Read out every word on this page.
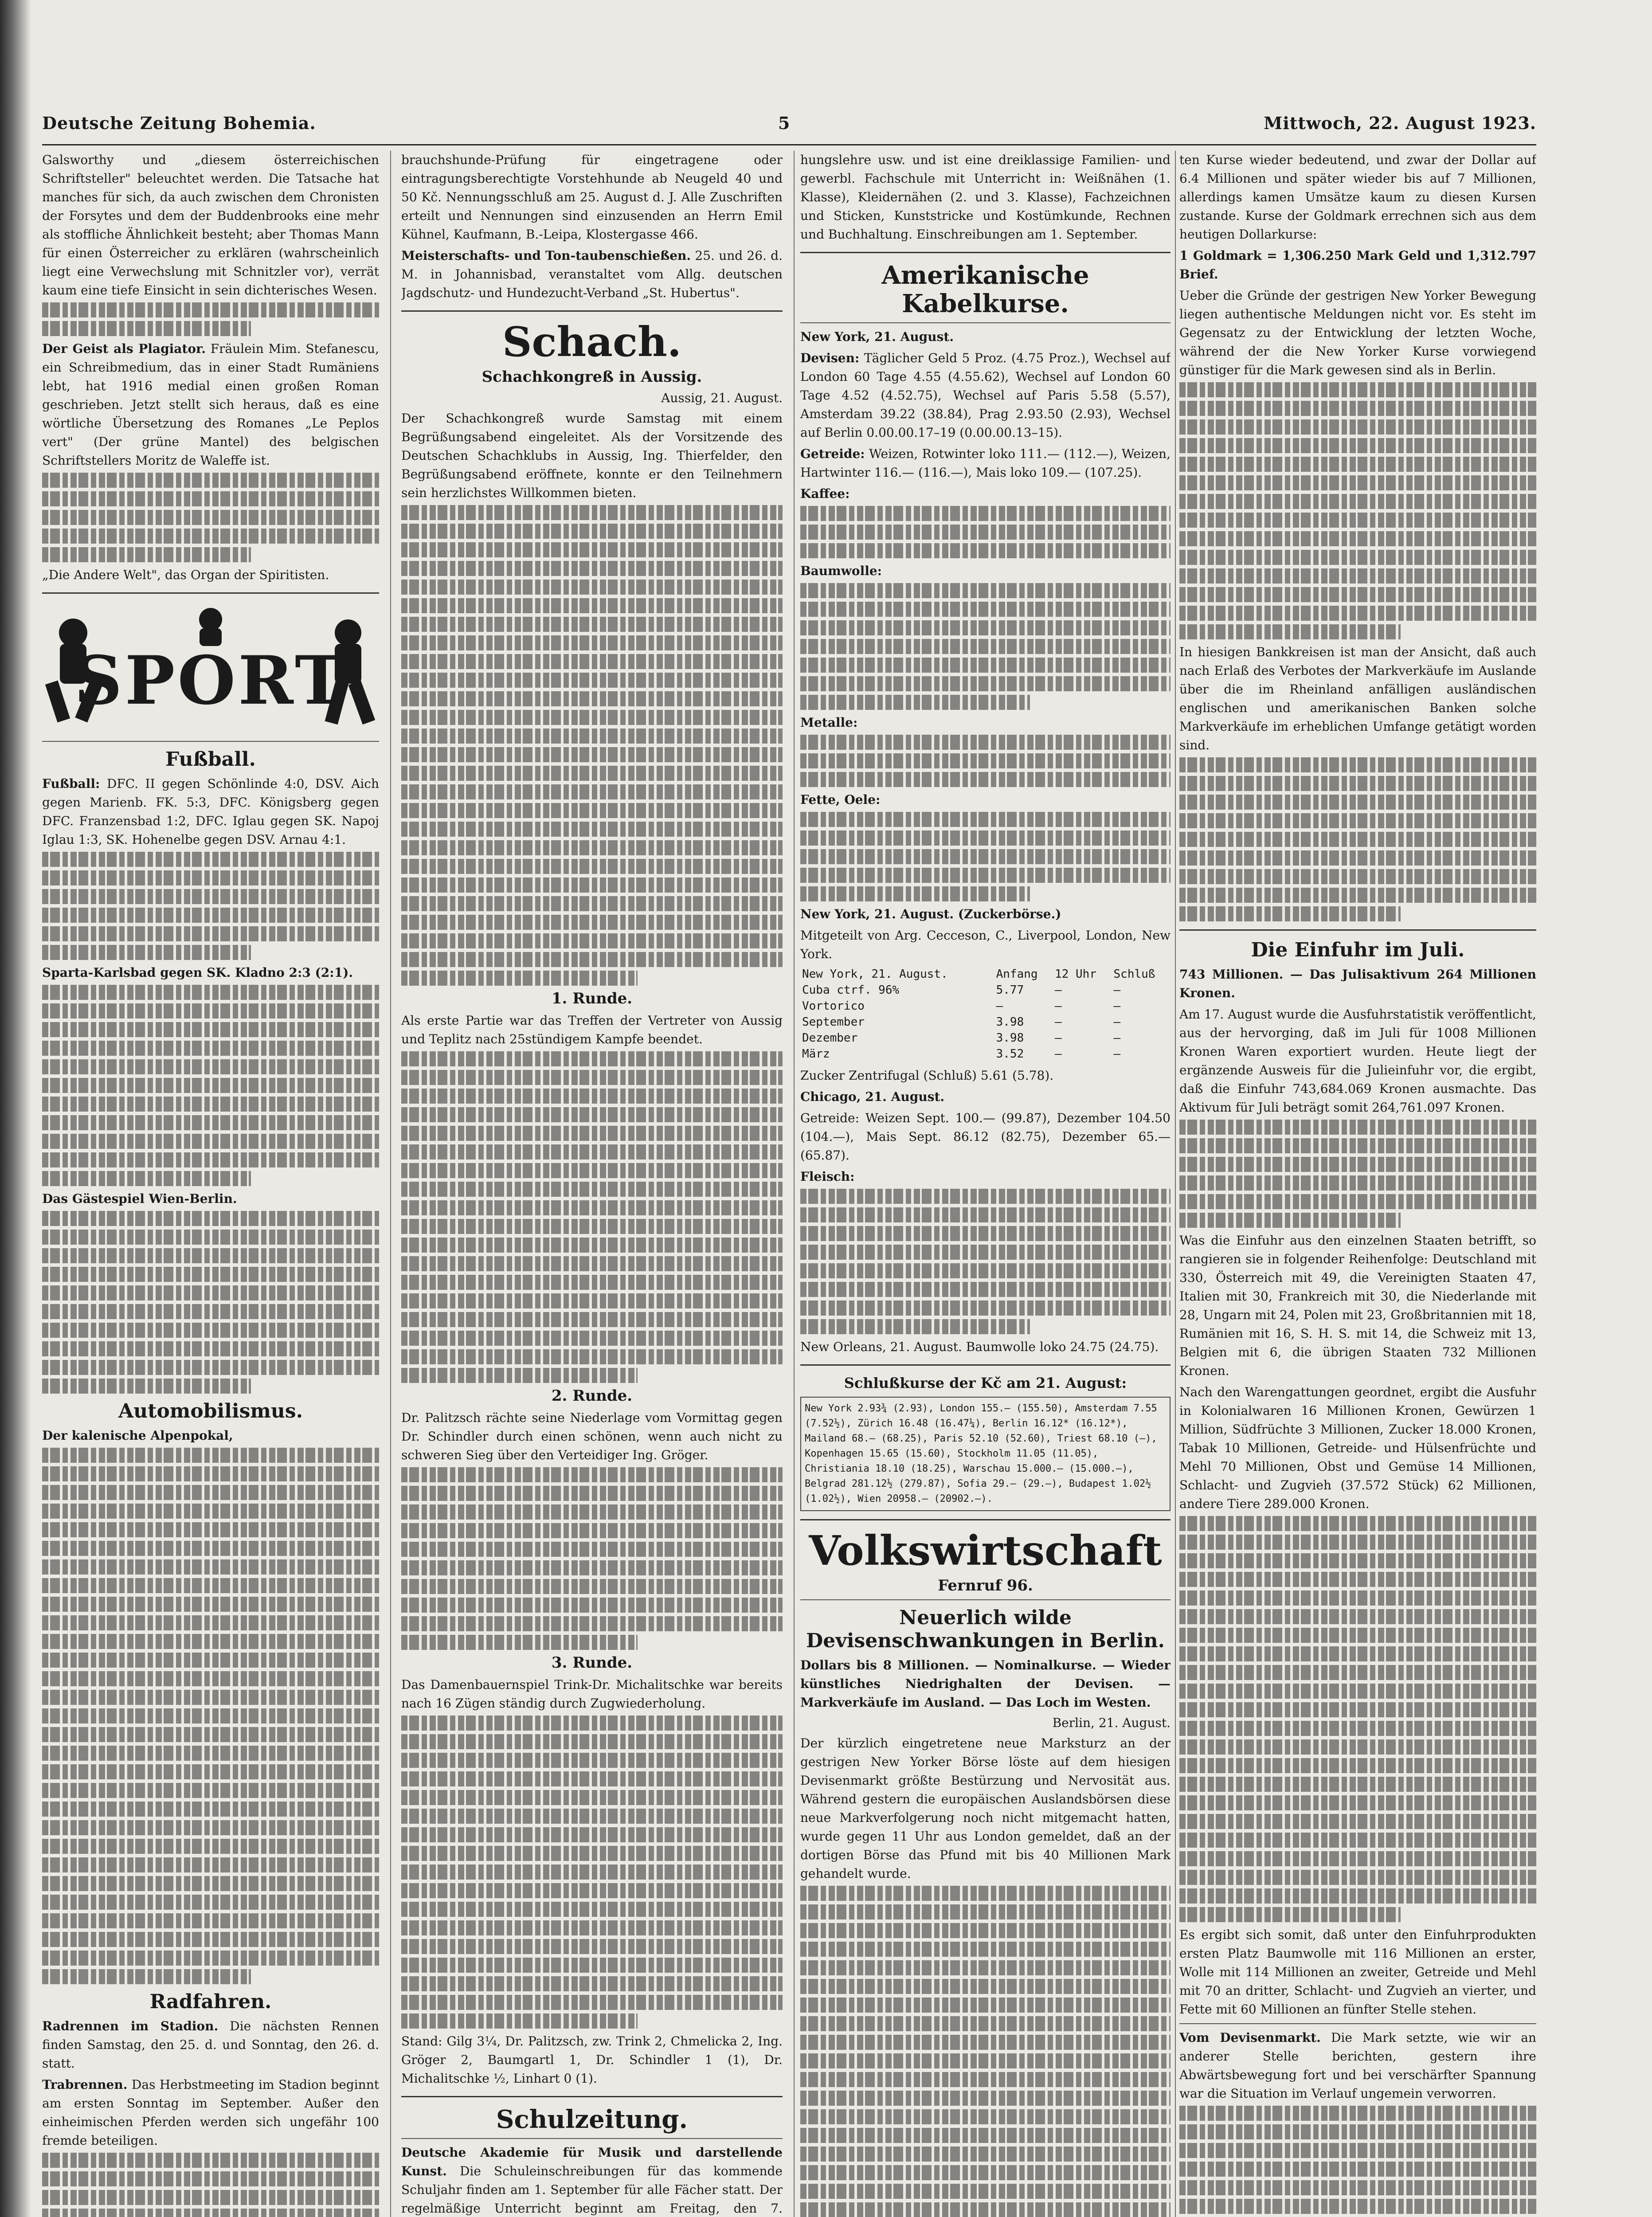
Deutsche Zeitung Bohemia.	5	Mittwoch, 22. August 1923.

Galsworthy und „diesem österreichischen Schriftsteller" beleuchtet werden. Die Tatsache hat manches für sich, da auch zwischen dem Chronisten der Forsytes und dem der Buddenbrooks eine mehr als stoffliche Ähnlichkeit besteht; aber Thomas Mann für einen Österreicher zu erklären (wahrscheinlich liegt eine Verwechslung mit Schnitzler vor), verrät kaum eine tiefe Einsicht in sein dichterisches Wesen.

Der Geist als Plagiator. Fräulein Mim. Stefanescu, ein Schreibmedium, das in einer Stadt Rumäniens lebt, hat 1916 medial einen großen Roman geschrieben. Jetzt stellt sich heraus, daß es eine wörtliche Übersetzung des Romanes „Le Peplos vert" (Der grüne Mantel) des belgischen Schriftstellers Moritz de Waleffe ist.

„Die Andere Welt", das Organ der Spiritisten.

SPORT
Fußball.

Fußball: DFC. II gegen Schönlinde 4:0, DSV. Aich gegen Marienb. FK. 5:3, DFC. Königsberg gegen DFC. Franzensbad 1:2, DFC. Iglau gegen SK. Napoj Iglau 1:3, SK. Hohenelbe gegen DSV. Arnau 4:1.

Sparta-Karlsbad gegen SK. Kladno 2:3 (2:1).

Das Gästespiel Wien-Berlin.

Automobilismus.

Der kalenische Alpenpokal,

Radfahren.

Radrennen im Stadion. Die nächsten Rennen finden Samstag, den 25. d. und Sonntag, den 26. d. statt.

Trabrennen. Das Herbstmeeting im Stadion beginnt am ersten Sonntag im September. Außer den einheimischen Pferden werden sich ungefähr 100 fremde beteiligen.

brauchshunde-Prüfung für eingetragene oder eintragungsberechtigte Vorstehhunde ab Neugeld 40 und 50 Kč. Nennungsschluß am 25. August d. J. Alle Zuschriften erteilt und Nennungen sind einzusenden an Herrn Emil Kühnel, Kaufmann, B.-Leipa, Klostergasse 466.

Meisterschafts- und Ton-taubenschießen. 25. und 26. d. M. in Johannisbad, veranstaltet vom Allg. deutschen Jagdschutz- und Hundezucht-Verband „St. Hubertus".

Schach.
Schachkongreß in Aussig.
Aussig, 21. August.

Der Schachkongreß wurde Samstag mit einem Begrüßungsabend eingeleitet. Als der Vorsitzende des Deutschen Schachklubs in Aussig, Ing. Thierfelder, den Begrüßungsabend eröffnete, konnte er den Teilnehmern sein herzlichstes Willkommen bieten.

1. Runde.

Als erste Partie war das Treffen der Vertreter von Aussig und Teplitz nach 25stündigem Kampfe beendet.

2. Runde.

Dr. Palitzsch rächte seine Niederlage vom Vormittag gegen Dr. Schindler durch einen schönen, wenn auch nicht zu schweren Sieg über den Verteidiger Ing. Gröger.

3. Runde.

Das Damenbauernspiel Trink-Dr. Michalitschke war bereits nach 16 Zügen ständig durch Zugwiederholung.

Stand: Gilg 3¼, Dr. Palitzsch, zw. Trink 2, Chmelicka 2, Ing. Gröger 2, Baumgartl 1, Dr. Schindler 1 (1), Dr. Michalitschke ½, Linhart 0 (1).

Schulzeitung.

Deutsche Akademie für Musik und darstellende Kunst. Die Schuleinschreibungen für das kommende Schuljahr finden am 1. September für alle Fächer statt. Der regelmäßige Unterricht beginnt am Freitag, den 7.

hungslehre usw. und ist eine dreiklassige Familien- und gewerbl. Fachschule mit Unterricht in: Weißnähen (1. Klasse), Kleidernähen (2. und 3. Klasse), Fachzeichnen und Sticken, Kunststricke und Kostümkunde, Rechnen und Buchhaltung. Einschreibungen am 1. September.

Amerikanische Kabelkurse.

New York, 21. August.

Devisen: Täglicher Geld 5 Proz. (4.75 Proz.), Wechsel auf London 60 Tage 4.55 (4.55.62), Wechsel auf London 60 Tage 4.52 (4.52.75), Wechsel auf Paris 5.58 (5.57), Amsterdam 39.22 (38.84), Prag 2.93.50 (2.93), Wechsel auf Berlin 0.00.00.17–19 (0.00.00.13–15).

Getreide: Weizen, Rotwinter loko 111.— (112.—), Weizen, Hartwinter 116.— (116.—), Mais loko 109.— (107.25).

Kaffee:

Baumwolle:

Metalle:

Fette, Oele:

New York, 21. August. (Zuckerbörse.)

Mitgeteilt von Arg. Cecceson, C., Liverpool, London, New York.

New York, 21. August.	Anfang	12 Uhr	Schluß
Cuba ctrf. 96%	5.77	—	—
Vortorico	—	—	—
September	3.98	—	—
Dezember	3.98	—	—
März	3.52	—	—

Zucker Zentrifugal (Schluß) 5.61 (5.78).

Chicago, 21. August.

Getreide: Weizen Sept. 100.— (99.87), Dezember 104.50 (104.—), Mais Sept. 86.12 (82.75), Dezember 65.— (65.87).

Fleisch:

New Orleans, 21. August. Baumwolle loko 24.75 (24.75).

Schlußkurse der Kč am 21. August:
New York 2.93¾ (2.93), London 155.— (155.50), Amsterdam 7.55 (7.52½), Zürich 16.48 (16.47¼), Berlin 16.12* (16.12*), Mailand 68.— (68.25), Paris 52.10 (52.60), Triest 68.10 (—), Kopenhagen 15.65 (15.60), Stockholm 11.05 (11.05), Christiania 18.10 (18.25), Warschau 15.000.— (15.000.—), Belgrad 281.12½ (279.87), Sofia 29.— (29.—), Budapest 1.02½ (1.02½), Wien 20958.— (20902.—).
Volkswirtschaft
Fernruf 96.
Neuerlich wilde Devisenschwankungen in Berlin.

Dollars bis 8 Millionen. — Nominalkurse. — Wieder künstliches Niedrighalten der Devisen. — Markverkäufe im Ausland. — Das Loch im Westen.

Berlin, 21. August.

Der kürzlich eingetretene neue Marksturz an der gestrigen New Yorker Börse löste auf dem hiesigen Devisenmarkt größte Bestürzung und Nervosität aus. Während gestern die europäischen Auslandsbörsen diese neue Markverfolgerung noch nicht mitgemacht hatten, wurde gegen 11 Uhr aus London gemeldet, daß an der dortigen Börse das Pfund mit bis 40 Millionen Mark gehandelt wurde.

ten Kurse wieder bedeutend, und zwar der Dollar auf 6.4 Millionen und später wieder bis auf 7 Millionen, allerdings kamen Umsätze kaum zu diesen Kursen zustande. Kurse der Goldmark errechnen sich aus dem heutigen Dollarkurse:

1 Goldmark = 1,306.250 Mark Geld und 1,312.797 Brief.

Ueber die Gründe der gestrigen New Yorker Bewegung liegen authentische Meldungen nicht vor. Es steht im Gegensatz zu der Entwicklung der letzten Woche, während der die New Yorker Kurse vorwiegend günstiger für die Mark gewesen sind als in Berlin.

In hiesigen Bankkreisen ist man der Ansicht, daß auch nach Erlaß des Verbotes der Markverkäufe im Auslande über die im Rheinland anfälligen ausländischen englischen und amerikanischen Banken solche Markverkäufe im erheblichen Umfange getätigt worden sind.

Die Einfuhr im Juli.

743 Millionen. — Das Julisaktivum 264 Millionen Kronen.

Am 17. August wurde die Ausfuhrstatistik veröffentlicht, aus der hervorging, daß im Juli für 1008 Millionen Kronen Waren exportiert wurden. Heute liegt der ergänzende Ausweis für die Julieinfuhr vor, die ergibt, daß die Einfuhr 743,684.069 Kronen ausmachte. Das Aktivum für Juli beträgt somit 264,761.097 Kronen.

Was die Einfuhr aus den einzelnen Staaten betrifft, so rangieren sie in folgender Reihenfolge: Deutschland mit 330, Österreich mit 49, die Vereinigten Staaten 47, Italien mit 30, Frankreich mit 30, die Niederlande mit 28, Ungarn mit 24, Polen mit 23, Großbritannien mit 18, Rumänien mit 16, S. H. S. mit 14, die Schweiz mit 13, Belgien mit 6, die übrigen Staaten 732 Millionen Kronen.

Nach den Warengattungen geordnet, ergibt die Ausfuhr in Kolonialwaren 16 Millionen Kronen, Gewürzen 1 Million, Südfrüchte 3 Millionen, Zucker 18.000 Kronen, Tabak 10 Millionen, Getreide- und Hülsenfrüchte und Mehl 70 Millionen, Obst und Gemüse 14 Millionen, Schlacht- und Zugvieh (37.572 Stück) 62 Millionen, andere Tiere 289.000 Kronen.

Es ergibt sich somit, daß unter den Einfuhrprodukten ersten Platz Baumwolle mit 116 Millionen an erster, Wolle mit 114 Millionen an zweiter, Getreide und Mehl mit 70 an dritter, Schlacht- und Zugvieh an vierter, und Fette mit 60 Millionen an fünfter Stelle stehen.

Vom Devisenmarkt. Die Mark setzte, wie wir an anderer Stelle berichten, gestern ihre Abwärtsbewegung fort und bei verschärfter Spannung war die Situation im Verlauf ungemein verworren.
